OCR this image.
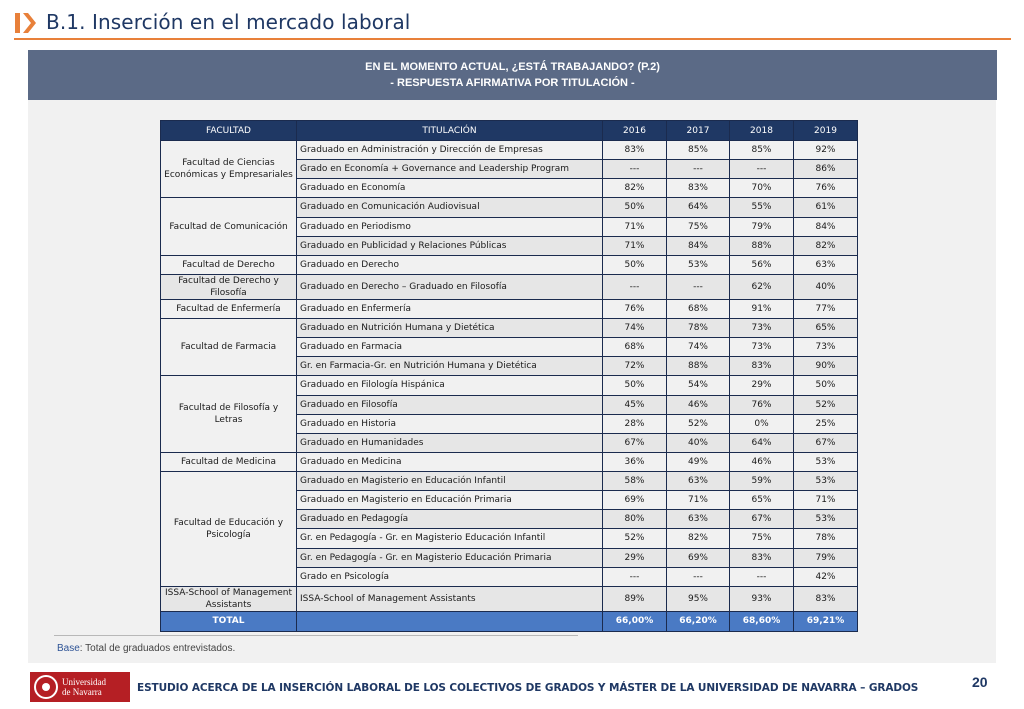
B.1. Inserción en el mercado laboral
EN EL MOMENTO ACTUAL, ¿ESTÁ TRABAJANDO? (P.2)
- RESPUESTA AFIRMATIVA POR TITULACIÓN -
FACULTAD	TITULACIÓN	2016	2017	2018	2019
Facultad de Ciencias Económicas y Empresariales	Graduado en Administración y Dirección de Empresas	83%	85%	85%	92%
	Grado en Economía + Governance and Leadership Program	---	---	---	86%
	Graduado en Economía	82%	83%	70%	76%
Facultad de Comunicación	Graduado en Comunicación Audiovisual	50%	64%	55%	61%
	Graduado en Periodismo	71%	75%	79%	84%
	Graduado en Publicidad y Relaciones Públicas	71%	84%	88%	82%
Facultad de Derecho	Graduado en Derecho	50%	53%	56%	63%
Facultad de Derecho y Filosofía	Graduado en Derecho – Graduado en Filosofía	---	---	62%	40%
Facultad de Enfermería	Graduado en Enfermería	76%	68%	91%	77%
Facultad de Farmacia	Graduado en Nutrición Humana y Dietética	74%	78%	73%	65%
	Graduado en Farmacia	68%	74%	73%	73%
	Gr. en Farmacia-Gr. en Nutrición Humana y Dietética	72%	88%	83%	90%
Facultad de Filosofía y Letras	Graduado en Filología Hispánica	50%	54%	29%	50%
	Graduado en Filosofía	45%	46%	76%	52%
	Graduado en Historia	28%	52%	0%	25%
	Graduado en Humanidades	67%	40%	64%	67%
Facultad de Medicina	Graduado en Medicina	36%	49%	46%	53%
Facultad de Educación y Psicología	Graduado en Magisterio en Educación Infantil	58%	63%	59%	53%
	Graduado en Magisterio en Educación Primaria	69%	71%	65%	71%
	Graduado en Pedagogía	80%	63%	67%	53%
	Gr. en Pedagogía - Gr. en Magisterio Educación Infantil	52%	82%	75%	78%
	Gr. en Pedagogía - Gr. en Magisterio Educación Primaria	29%	69%	83%	79%
	Grado en Psicología	---	---	---	42%
ISSA-School of Management Assistants	ISSA-School of Management Assistants	89%	95%	93%	83%
TOTAL		66,00%	66,20%	68,60%	69,21%
Base: Total de graduados entrevistados.
Universidad
de Navarra	ESTUDIO ACERCA DE LA INSERCIÓN LABORAL DE LOS COLECTIVOS DE GRADOS Y MÁSTER DE LA UNIVERSIDAD DE NAVARRA – GRADOS	20
